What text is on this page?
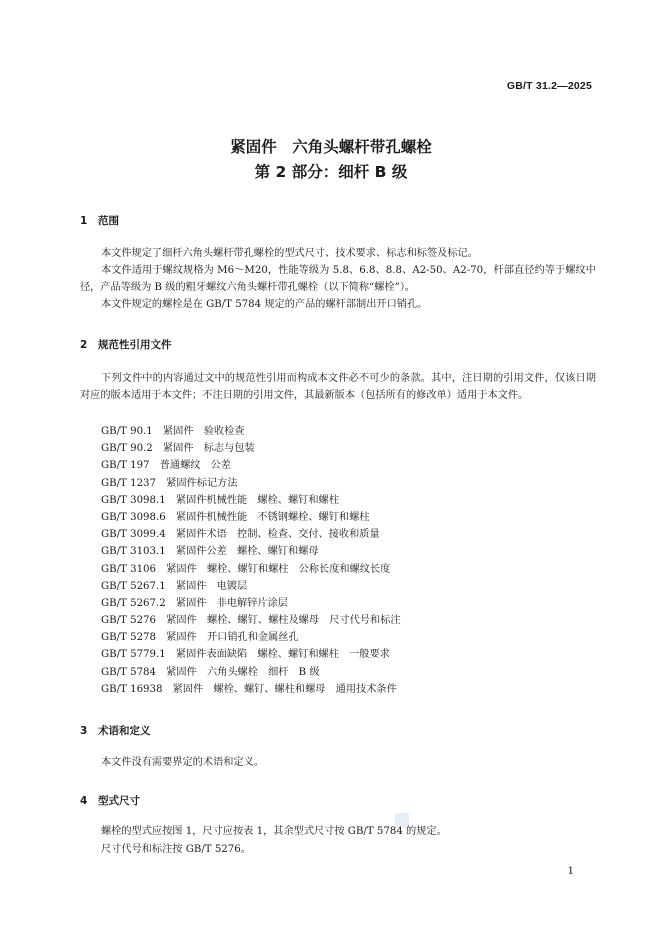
GB/T 31.2—2025
紧固件　六角头螺杆带孔螺栓
第 2 部分：细杆 B 级
1 范围
本文件规定了细杆六角头螺杆带孔螺栓的型式尺寸、技术要求、标志和标签及标记。
本文件适用于螺纹规格为 M6～M20，性能等级为 5.8、6.8、8.8、A2-50、A2-70，杆部直径约等于螺纹中径，产品等级为 B 级的粗牙螺纹六角头螺杆带孔螺栓（以下简称“螺栓”）。
本文件规定的螺栓是在 GB/T 5784 规定的产品的螺杆部制出开口销孔。
2 规范性引用文件
下列文件中的内容通过文中的规范性引用而构成本文件必不可少的条款。其中，注日期的引用文件，仅该日期对应的版本适用于本文件；不注日期的引用文件，其最新版本（包括所有的修改单）适用于本文件。
GB/T 90.1　紧固件　验收检查
GB/T 90.2　紧固件　标志与包装
GB/T 197　普通螺纹　公差
GB/T 1237　紧固件标记方法
GB/T 3098.1　紧固件机械性能　螺栓、螺钉和螺柱
GB/T 3098.6　紧固件机械性能　不锈钢螺栓、螺钉和螺柱
GB/T 3099.4　紧固件术语　控制、检查、交付、接收和质量
GB/T 3103.1　紧固件公差　螺栓、螺钉和螺母
GB/T 3106　紧固件　螺栓、螺钉和螺柱　公称长度和螺纹长度
GB/T 5267.1　紧固件　电镀层
GB/T 5267.2　紧固件　非电解锌片涂层
GB/T 5276　紧固件　螺栓、螺钉、螺柱及螺母　尺寸代号和标注
GB/T 5278　紧固件　开口销孔和金属丝孔
GB/T 5779.1　紧固件表面缺陷　螺栓、螺钉和螺柱　一般要求
GB/T 5784　紧固件　六角头螺栓　细杆　B 级
GB/T 16938　紧固件　螺栓、螺钉、螺柱和螺母　通用技术条件
3 术语和定义
本文件没有需要界定的术语和定义。
4 型式尺寸
螺栓的型式应按图 1，尺寸应按表 1，其余型式尺寸按 GB/T 5784 的规定。
尺寸代号和标注按 GB/T 5276。
1
